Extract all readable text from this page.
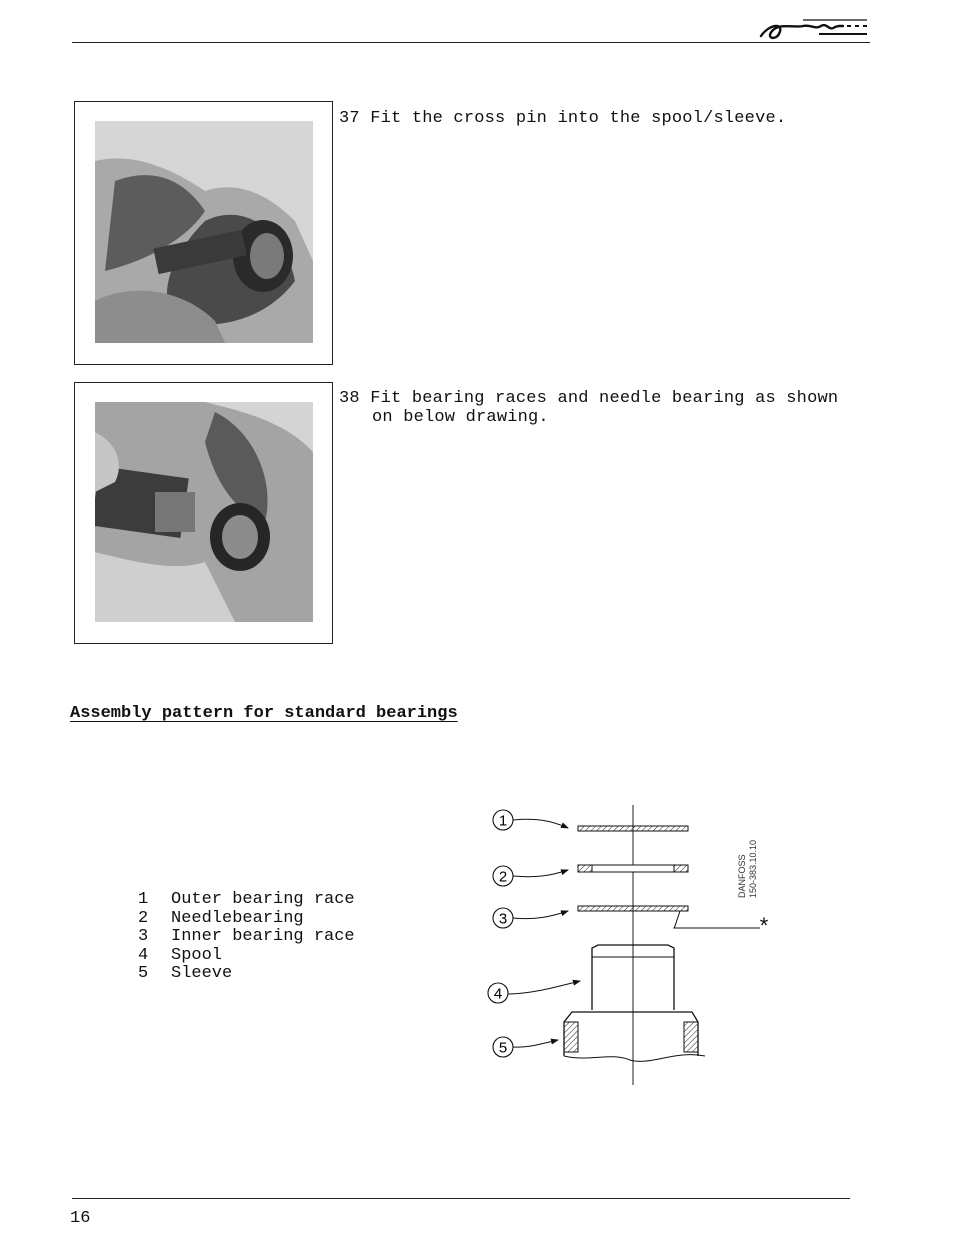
37 Fit the cross pin into the spool/sleeve.
38 Fit bearing races and needle bearing as shown
on below drawing.
Assembly pattern for standard bearings
1	Outer bearing race
2	Needlebearing
3	Inner bearing race
4	Spool
5	Sleeve
1
2
3
4
5
*
DANFOSS 150-383.10.10
16
